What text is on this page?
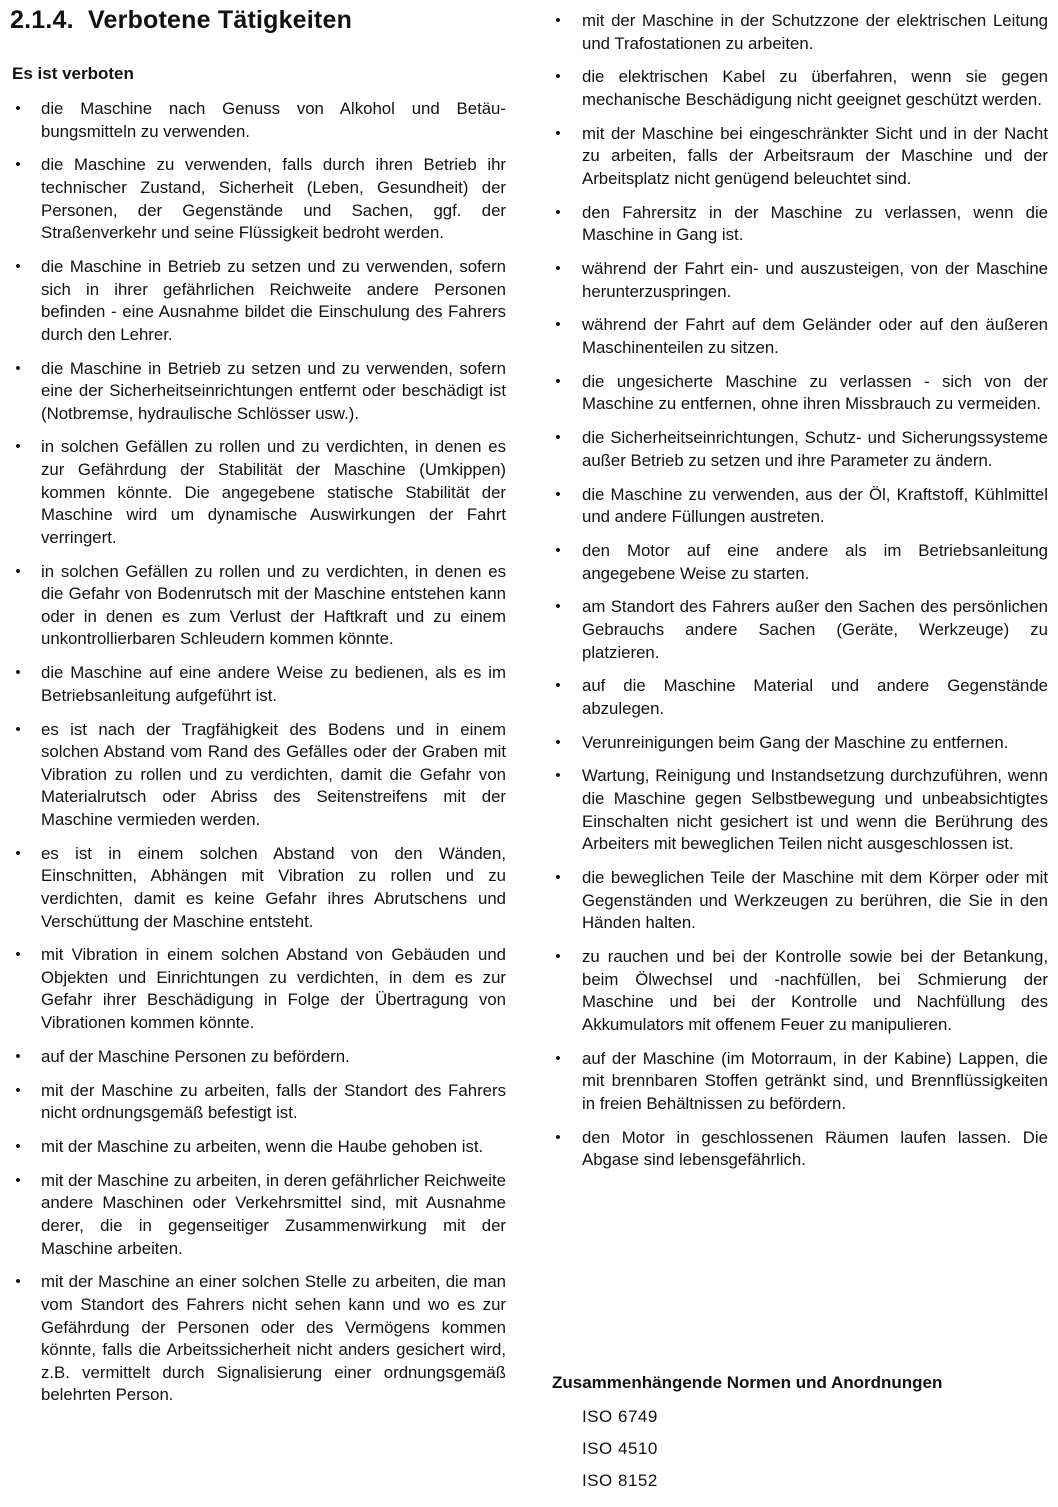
2.1.4. Verbotene Tätigkeiten

Es ist verboten

• die Maschine nach Genuss von Alkohol und Betäubungsmitteln zu verwenden.
• die Maschine zu verwenden, falls durch ihren Betrieb ihr technischer Zustand, Sicherheit (Leben, Gesundheit) der Personen, der Gegenstände und Sachen, ggf. der Straßenverkehr und seine Flüssigkeit bedroht werden.
• die Maschine in Betrieb zu setzen und zu verwenden, sofern sich in ihrer gefährlichen Reichweite andere Personen befinden - eine Ausnahme bildet die Einschulung des Fahrers durch den Lehrer.
• die Maschine in Betrieb zu setzen und zu verwenden, sofern eine der Sicherheitseinrichtungen entfernt oder beschädigt ist (Notbremse, hydraulische Schlösser usw.).
• in solchen Gefällen zu rollen und zu verdichten, in denen es zur Gefährdung der Stabilität der Maschine (Umkippen) kommen könnte. Die angegebene statische Stabilität der Maschine wird um dynamische Auswirkungen der Fahrt verringert.
• in solchen Gefällen zu rollen und zu verdichten, in denen es die Gefahr von Bodenrutsch mit der Maschine entstehen kann oder in denen es zum Verlust der Haftkraft und zu einem unkontrollierbaren Schleudern kommen könnte.
• die Maschine auf eine andere Weise zu bedienen, als es im Betriebsanleitung aufgeführt ist.
• es ist nach der Tragfähigkeit des Bodens und in einem solchen Abstand vom Rand des Gefälles oder der Graben mit Vibration zu rollen und zu verdichten, damit die Gefahr von Materialrutsch oder Abriss des Seitenstreifens mit der Maschine vermieden werden.
• es ist in einem solchen Abstand von den Wänden, Einschnitten, Abhängen mit Vibration zu rollen und zu verdichten, damit es keine Gefahr ihres Abrutschens und Verschüttung der Maschine entsteht.
• mit Vibration in einem solchen Abstand von Gebäuden und Objekten und Einrichtungen zu verdichten, in dem es zur Gefahr ihrer Beschädigung in Folge der Übertragung von Vibrationen kommen könnte.
• auf der Maschine Personen zu befördern.
• mit der Maschine zu arbeiten, falls der Standort des Fahrers nicht ordnungsgemäß befestigt ist.
• mit der Maschine zu arbeiten, wenn die Haube gehoben ist.
• mit der Maschine zu arbeiten, in deren gefährlicher Reichweite andere Maschinen oder Verkehrsmittel sind, mit Ausnahme derer, die in gegenseitiger Zusammenwirkung mit der Maschine arbeiten.
• mit der Maschine an einer solchen Stelle zu arbeiten, die man vom Standort des Fahrers nicht sehen kann und wo es zur Gefährdung der Personen oder des Vermögens kommen könnte, falls die Arbeitssicherheit nicht anders gesichert wird, z.B. vermittelt durch Signalisierung einer ordnungsgemäß belehrten Person.
• mit der Maschine in der Schutzzone der elektrischen Leitung und Trafostationen zu arbeiten.
• die elektrischen Kabel zu überfahren, wenn sie gegen mechanische Beschädigung nicht geeignet geschützt werden.
• mit der Maschine bei eingeschränkter Sicht und in der Nacht zu arbeiten, falls der Arbeitsraum der Maschine und der Arbeitsplatz nicht genügend beleuchtet sind.
• den Fahrersitz in der Maschine zu verlassen, wenn die Maschine in Gang ist.
• während der Fahrt ein- und auszusteigen, von der Maschine herunterzuspringen.
• während der Fahrt auf dem Geländer oder auf den äußeren Maschinenteilen zu sitzen.
• die ungesicherte Maschine zu verlassen - sich von der Maschine zu entfernen, ohne ihren Missbrauch zu vermeiden.
• die Sicherheitseinrichtungen, Schutz- und Sicherungssysteme außer Betrieb zu setzen und ihre Parameter zu ändern.
• die Maschine zu verwenden, aus der Öl, Kraftstoff, Kühlmittel und andere Füllungen austreten.
• den Motor auf eine andere als im Betriebsanleitung angegebene Weise zu starten.
• am Standort des Fahrers außer den Sachen des persönlichen Gebrauchs andere Sachen (Geräte, Werkzeuge) zu platzieren.
• auf die Maschine Material und andere Gegenstände abzulegen.
• Verunreinigungen beim Gang der Maschine zu entfernen.
• Wartung, Reinigung und Instandsetzung durchzuführen, wenn die Maschine gegen Selbstbewegung und unbeabsichtigtes Einschalten nicht gesichert ist und wenn die Berührung des Arbeiters mit beweglichen Teilen nicht ausgeschlossen ist.
• die beweglichen Teile der Maschine mit dem Körper oder mit Gegenständen und Werkzeugen zu berühren, die Sie in den Händen halten.
• zu rauchen und bei der Kontrolle sowie bei der Betankung, beim Ölwechsel und -nachfüllen, bei Schmierung der Maschine und bei der Kontrolle und Nachfüllung des Akkumulators mit offenem Feuer zu manipulieren.
• auf der Maschine (im Motorraum, in der Kabine) Lappen, die mit brennbaren Stoffen getränkt sind, und Brennflüssigkeiten in freien Behältnissen zu befördern.
• den Motor in geschlossenen Räumen laufen lassen. Die Abgase sind lebensgefährlich.

Zusammenhängende Normen und Anordnungen

ISO 6749
ISO 4510
ISO 8152
